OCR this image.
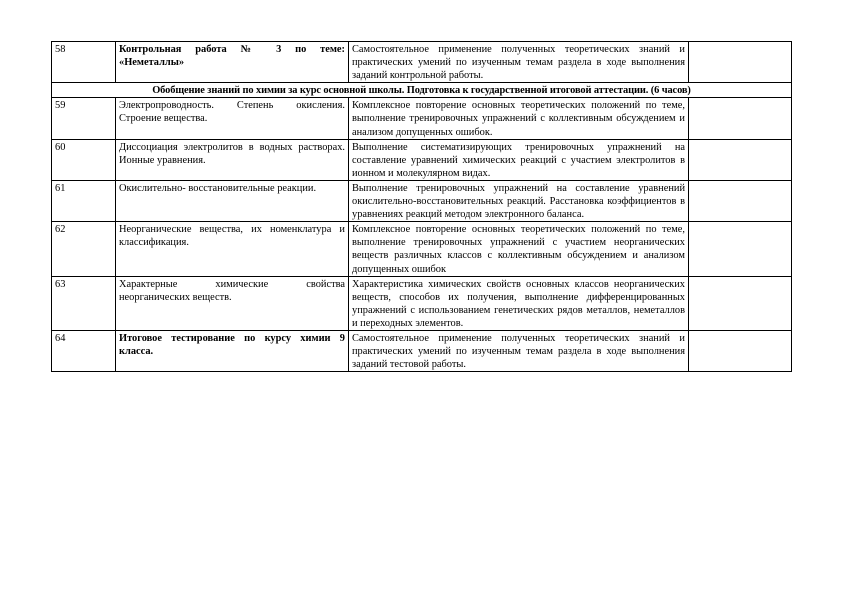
58	Контрольная работа № 3 по теме: «Неметаллы»	Самостоятельное применение полученных теоретических знаний и практических умений по изученным темам раздела в ходе выполнения заданий контрольной работы.	
Обобщение знаний по химии за курс основной школы. Подготовка к государственной итоговой аттестации. (6 часов)			
59	Электропроводность. Степень окисления. Строение вещества.	Комплексное повторение основных теоретических положений по теме, выполнение тренировочных упражнений с коллективным обсуждением и анализом допущенных ошибок.	
60	Диссоциация электролитов в водных растворах. Ионные уравнения.	Выполнение систематизирующих тренировочных упражнений на составление уравнений химических реакций с участием электролитов в ионном и молекулярном видах.	
61	Окислительно- восстановительные реакции.	Выполнение тренировочных упражнений на составление уравнений окислительно-восстановительных реакций. Расстановка коэффициентов в уравнениях реакций методом электронного баланса.	
62	Неорганические вещества, их номенклатура и классификация.	Комплексное повторение основных теоретических положений по теме, выполнение тренировочных упражнений с участием неорганических веществ различных классов с коллективным обсуждением и анализом допущенных ошибок	
63	Характерные химические свойства неорганических веществ.	Характеристика химических свойств основных классов неорганических веществ, способов их получения, выполнение дифференцированных упражнений с использованием генетических рядов металлов, неметаллов и переходных элементов.	
64	Итоговое тестирование по курсу химии 9 класса.	Самостоятельное применение полученных теоретических знаний и практических умений по изученным темам раздела в ходе выполнения заданий тестовой работы.	
